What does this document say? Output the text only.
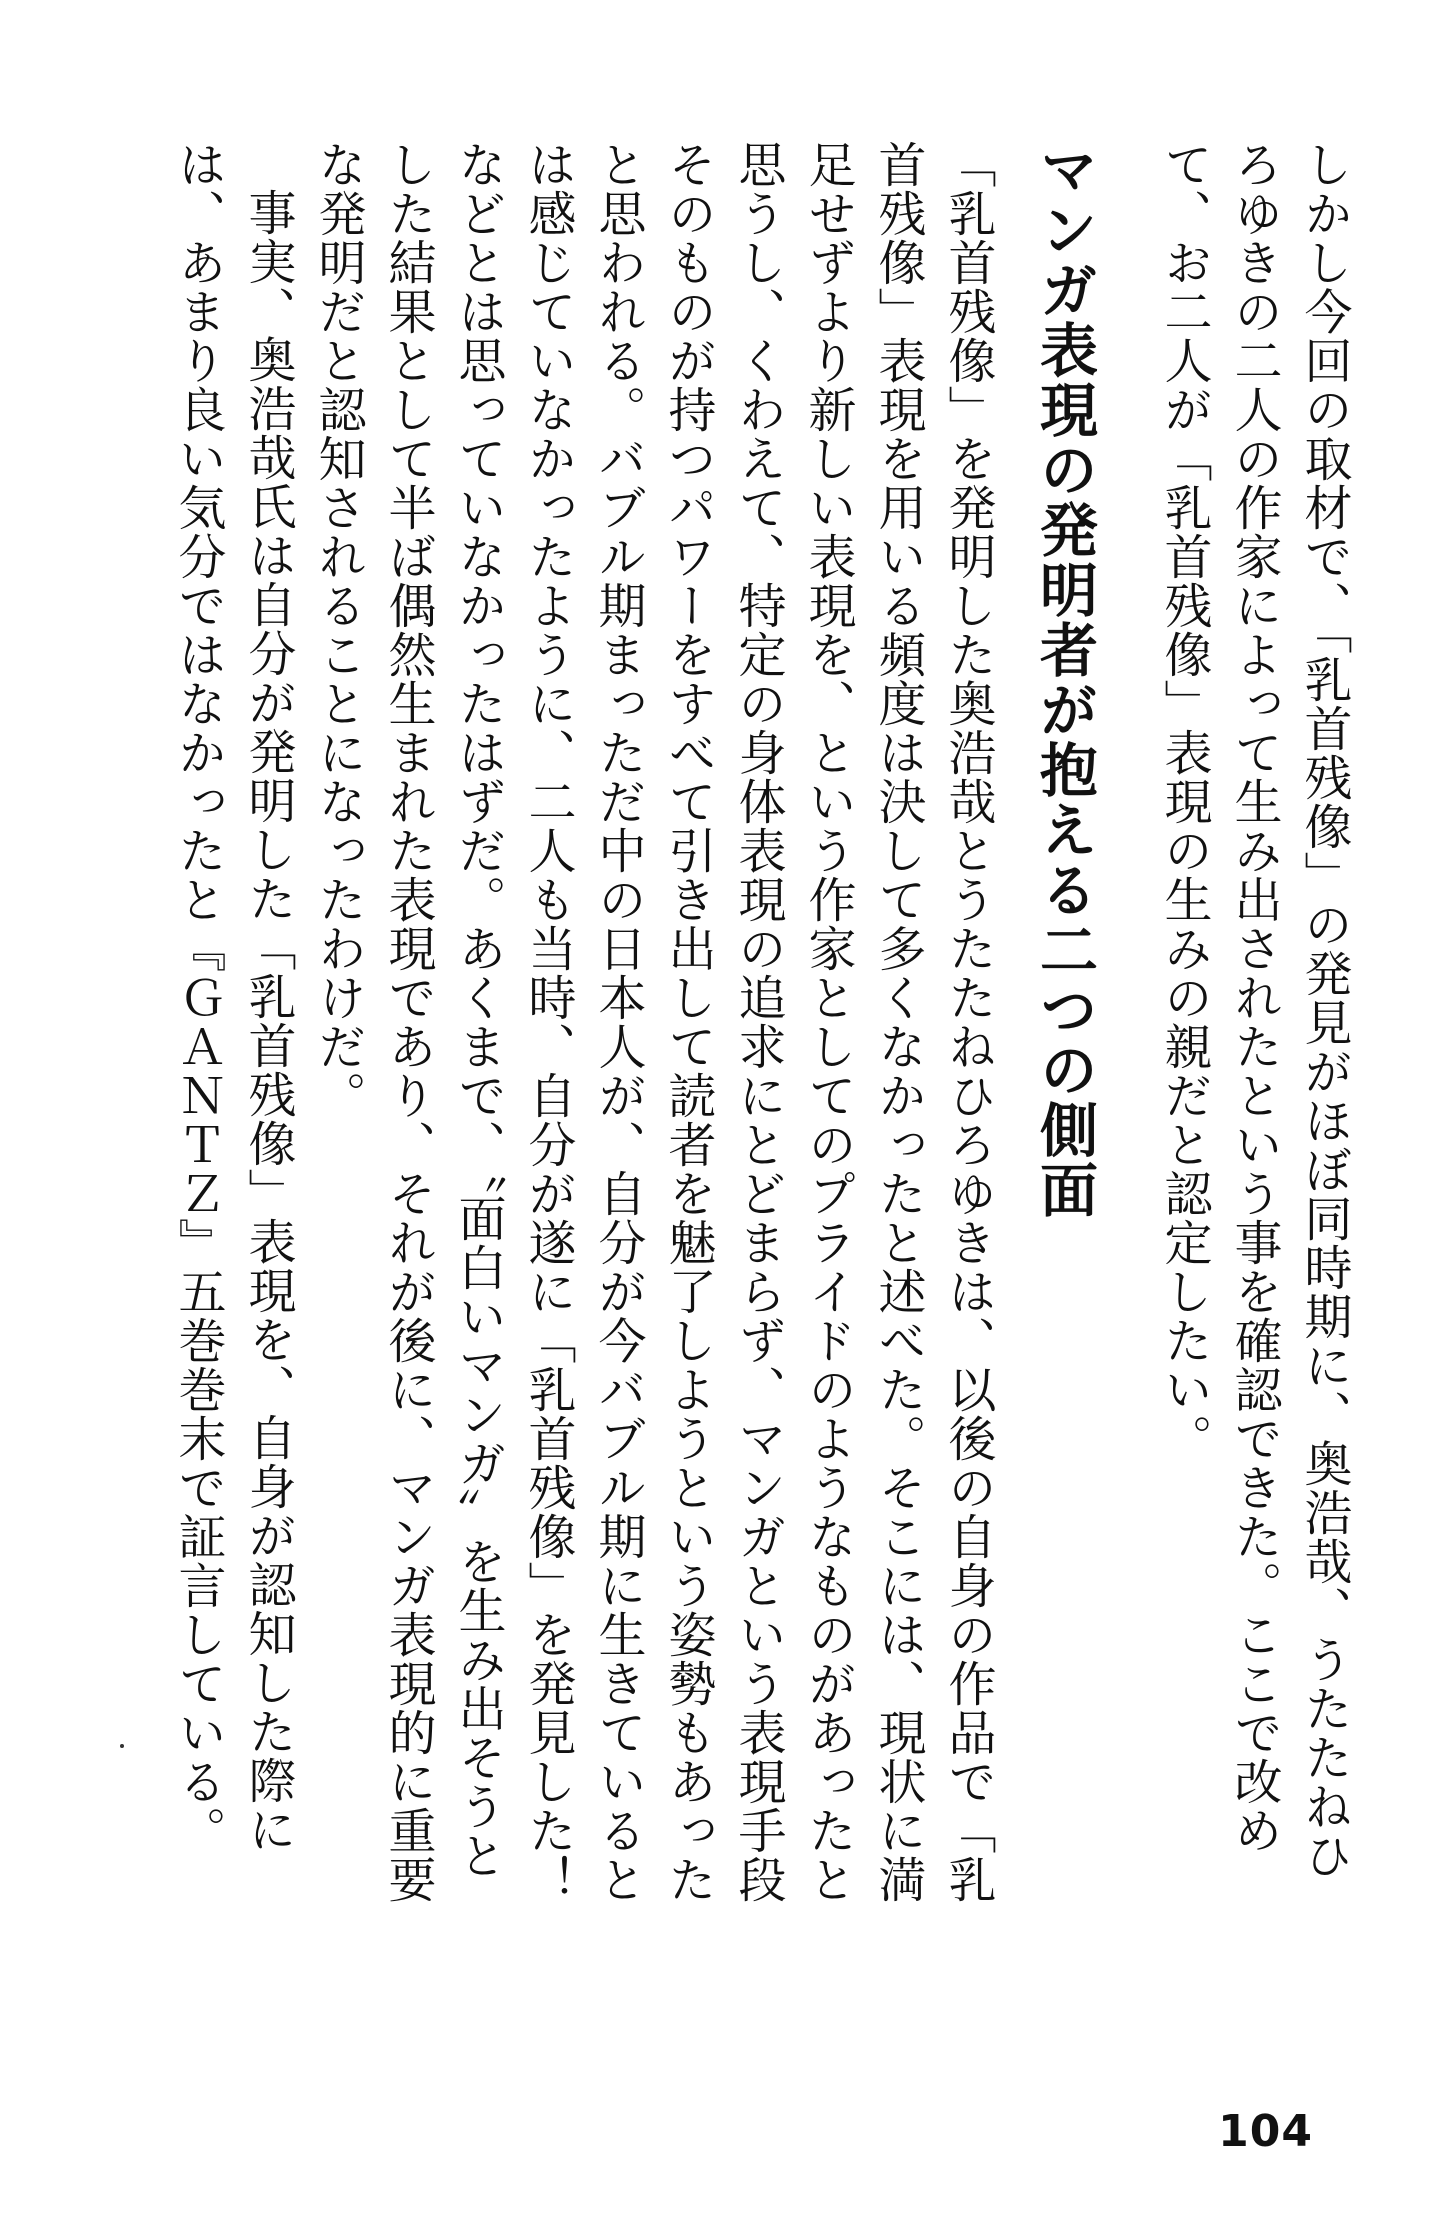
しかし今回の取材で、「乳首残像」の発見がほぼ同時期に、奥浩哉、うたたねひろゆきの二人の作家によって生み出されたという事を確認できた。ここで改めて、お二人が「乳首残像」表現の生みの親だと認定したい。

マンガ表現の発明者が抱える二つの側面

「乳首残像」を発明した奥浩哉とうたたねひろゆきは、以後の自身の作品で「乳首残像」表現を用いる頻度は決して多くなかったと述べた。そこには、現状に満足せずより新しい表現を、という作家としてのプライドのようなものがあったと思うし、くわえて、特定の身体表現の追求にとどまらず、マンガという表現手段そのものが持つパワーをすべて引き出して読者を魅了しようという姿勢もあったと思われる。バブル期まっただ中の日本人が、自分が今バブル期に生きているとは感じていなかったように、二人も当時、自分が遂に「乳首残像」を発見した！などとは思っていなかったはずだ。あくまで、〝面白いマンガ〟を生み出そうとした結果として半ば偶然生まれた表現であり、それが後に、マンガ表現的に重要な発明だと認知されることになったわけだ。

事実、奥浩哉氏は自分が発明した「乳首残像」表現を、自身が認知した際には、あまり良い気分ではなかったと『ＧＡＮＴＺ』五巻巻末で証言している。

104
